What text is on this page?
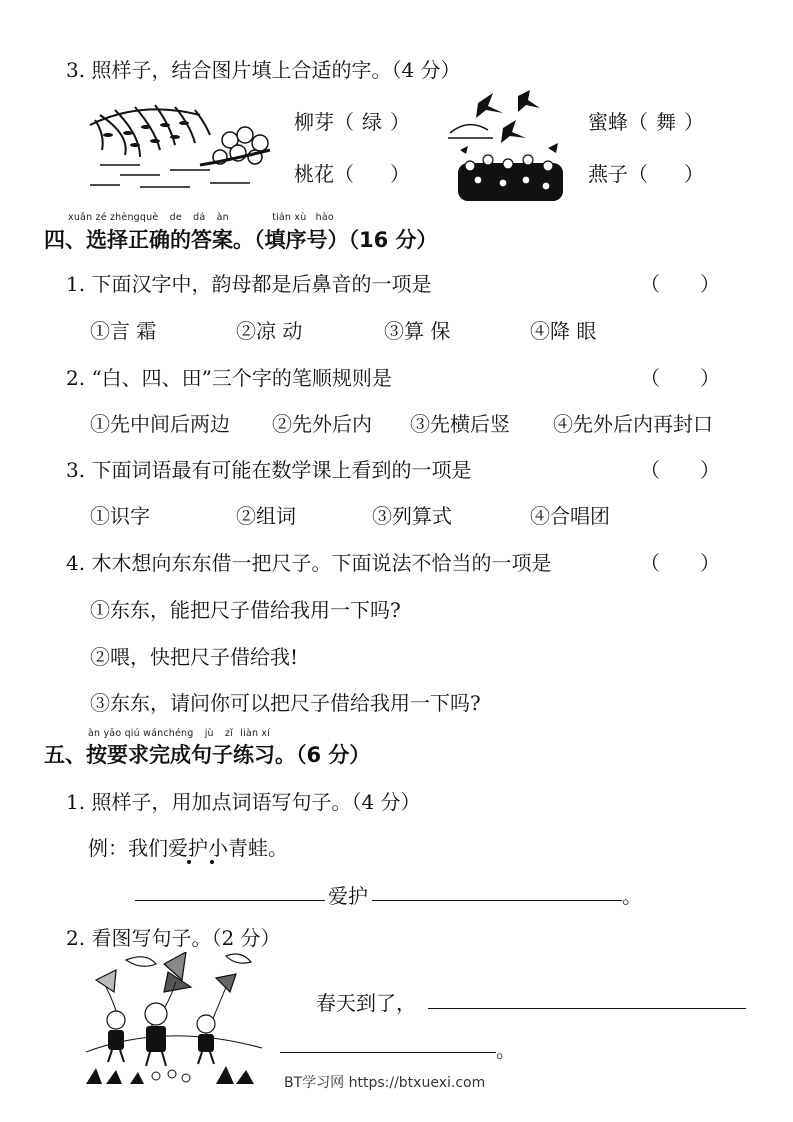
3. 照样子，结合图片填上合适的字。（4 分）
柳芽（ 绿 ）
桃花（ ）
蜜蜂（ 舞 ）
燕子（ ）
xuǎn zé zhèngquè de dá àn	tián xù hào
四、选择正确的答案。（填序号）（16 分）
1. 下面汉字中，韵母都是后鼻音的一项是	（　　）
①言 霜	②凉 动	③算 保	④降 眼
2. “白、四、田”三个字的笔顺规则是	（　　）
①先中间后两边 ②先外后内 ③先横后竖 ④先外后内再封口
3. 下面词语最有可能在数学课上看到的一项是	（　　）
①识字	②组词	③列算式	④合唱团
4. 木木想向东东借一把尺子。下面说法不恰当的一项是	（　　）
①东东，能把尺子借给我用一下吗?
②喂，快把尺子借给我!
③东东，请问你可以把尺子借给我用一下吗?
àn yāo qiú wánchéng jù zǐ liàn xí
五、按要求完成句子练习。（6 分）
1. 照样子，用加点词语写句子。（4 分）
例：我们爱护小青蛙。
爱护	。
2. 看图写句子。（2 分）
春天到了，
。
BT学习网 https://btxuexi.com
